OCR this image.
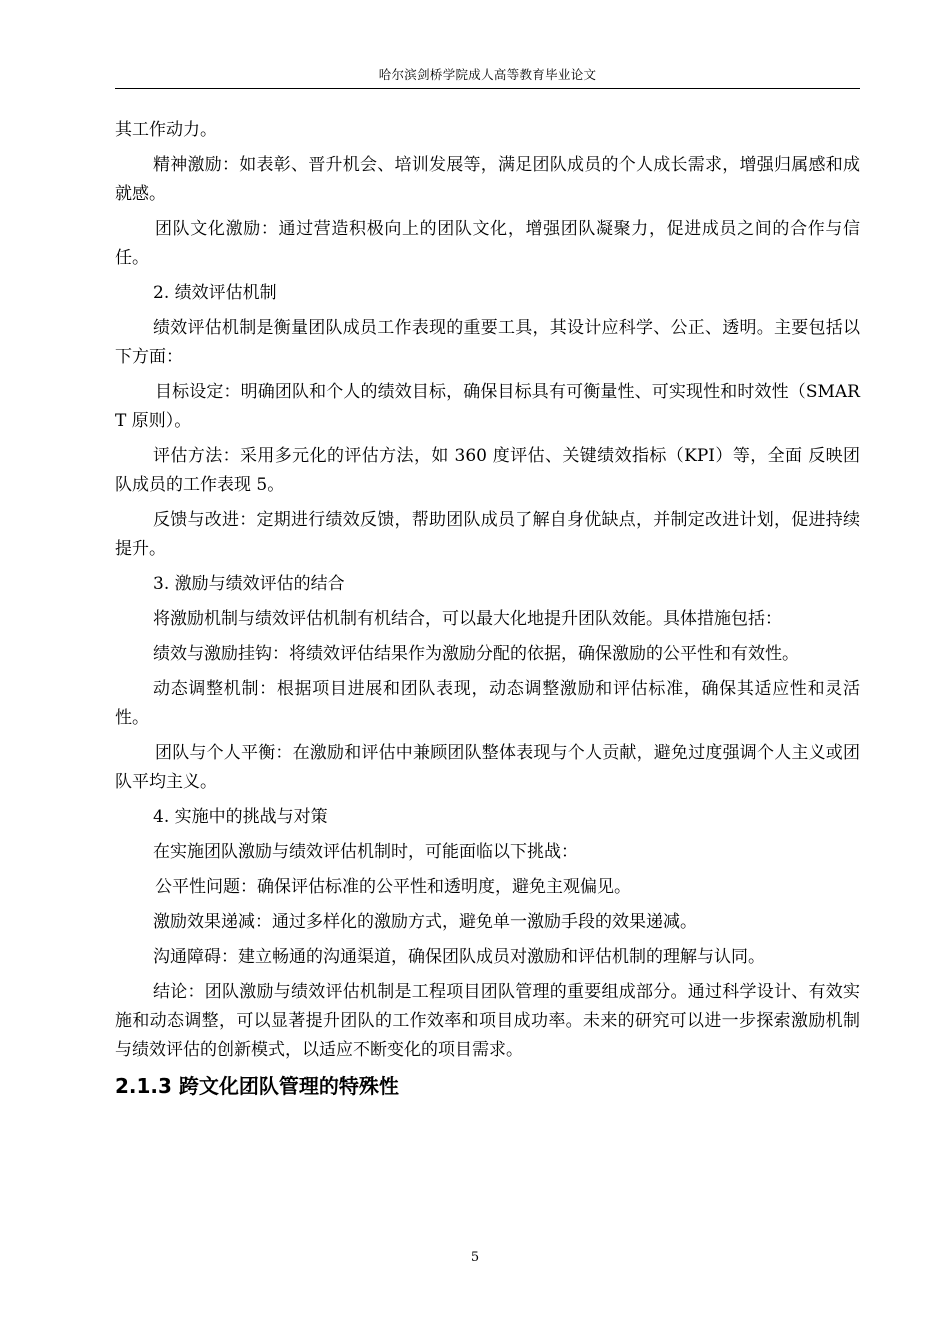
哈尔滨剑桥学院成人高等教育毕业论文

其工作动力。

精神激励：如表彰、晋升机会、培训发展等，满足团队成员的个人成长需求，增强归属感和成就感。

团队文化激励：通过营造积极向上的团队文化，增强团队凝聚力，促进成员之间的合作与信任。

2. 绩效评估机制

绩效评估机制是衡量团队成员工作表现的重要工具，其设计应科学、公正、透明。主要包括以下方面：

目标设定：明确团队和个人的绩效目标，确保目标具有可衡量性、可实现性和时效性（SMART 原则）。

评估方法：采用多元化的评估方法，如 360 度评估、关键绩效指标（KPI）等，全面 反映团队成员的工作表现 5。

反馈与改进：定期进行绩效反馈，帮助团队成员了解自身优缺点，并制定改进计划，促进持续提升。

3. 激励与绩效评估的结合

将激励机制与绩效评估机制有机结合，可以最大化地提升团队效能。具体措施包括：

绩效与激励挂钩：将绩效评估结果作为激励分配的依据，确保激励的公平性和有效性。

动态调整机制：根据项目进展和团队表现，动态调整激励和评估标准，确保其适应性和灵活性。

团队与个人平衡：在激励和评估中兼顾团队整体表现与个人贡献，避免过度强调个人主义或团队平均主义。

4. 实施中的挑战与对策

在实施团队激励与绩效评估机制时，可能面临以下挑战：

公平性问题：确保评估标准的公平性和透明度，避免主观偏见。

激励效果递减：通过多样化的激励方式，避免单一激励手段的效果递减。

沟通障碍：建立畅通的沟通渠道，确保团队成员对激励和评估机制的理解与认同。

结论：团队激励与绩效评估机制是工程项目团队管理的重要组成部分。通过科学设计、有效实施和动态调整，可以显著提升团队的工作效率和项目成功率。未来的研究可以进一步探索激励机制与绩效评估的创新模式，以适应不断变化的项目需求。

2.1.3 跨文化团队管理的特殊性
5
